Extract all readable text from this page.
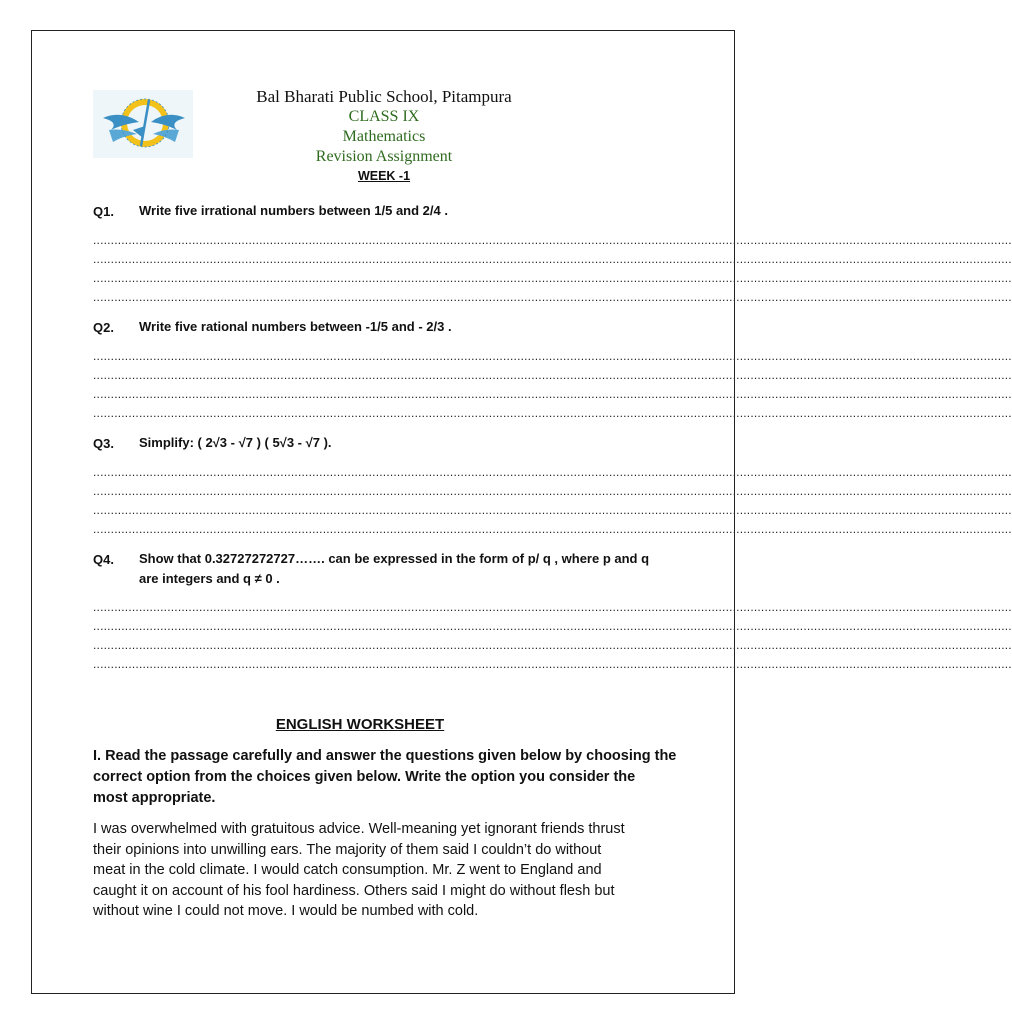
Bal Bharati Public School, Pitampura
CLASS IX
Mathematics
Revision Assignment
WEEK -1
Q1. Write five irrational numbers between 1/5 and 2/4 .
....................................................................................................................................................................................................................................................................
....................................................................................................................................................................................................................................................................
....................................................................................................................................................................................................................................................................
....................................................................................................................................................................................................................................................................
Q2. Write five rational numbers between -1/5 and - 2/3 .
....................................................................................................................................................................................................................................................................
....................................................................................................................................................................................................................................................................
....................................................................................................................................................................................................................................................................
....................................................................................................................................................................................................................................................................
Q3. Simplify: ( 2√3 - √7 ) ( 5√3 - √7 ).
....................................................................................................................................................................................................................................................................
....................................................................................................................................................................................................................................................................
....................................................................................................................................................................................................................................................................
....................................................................................................................................................................................................................................................................
Q4. Show that 0.32727272727……. can be expressed in the form of p/ q , where p and q
are integers and q ≠ 0 .
....................................................................................................................................................................................................................................................................
....................................................................................................................................................................................................................................................................
....................................................................................................................................................................................................................................................................
....................................................................................................................................................................................................................................................................
ENGLISH WORKSHEET
I. Read the passage carefully and answer the questions given below by choosing the
correct option from the choices given below. Write the option you consider the
most appropriate.
I was overwhelmed with gratuitous advice. Well-meaning yet ignorant friends thrust
their opinions into unwilling ears. The majority of them said I couldn’t do without
meat in the cold climate. I would catch consumption. Mr. Z went to England and
caught it on account of his fool hardiness. Others said I might do without flesh but
without wine I could not move. I would be numbed with cold.
